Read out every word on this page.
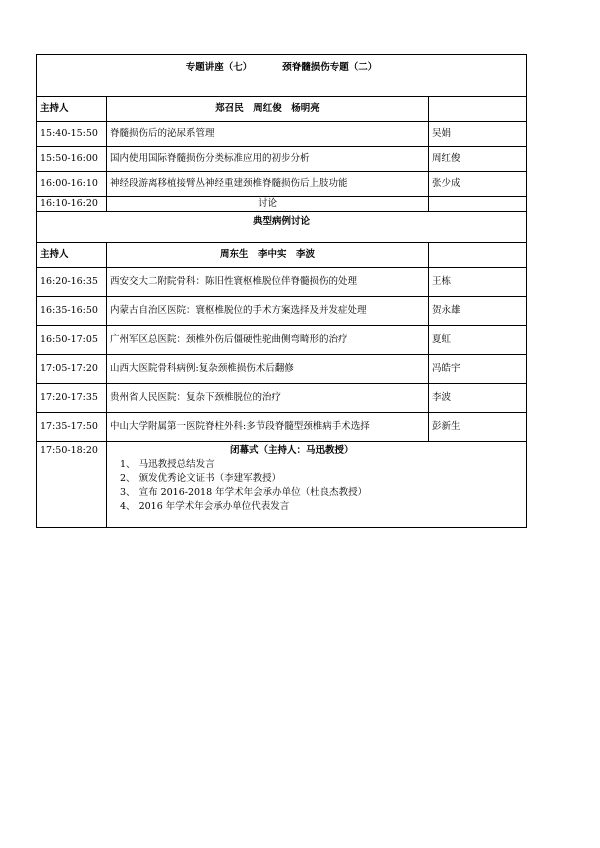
专题讲座（七） 颈脊髓损伤专题（二）		
主持人	郑召民　周红俊　杨明亮	
15:40-15:50	脊髓损伤后的泌尿系管理	吴娟
15:50-16:00	国内使用国际脊髓损伤分类标准应用的初步分析	周红俊
16:00-16:10	神经段游离移植接臂丛神经重建颈椎脊髓损伤后上肢功能	张少成
16:10-16:20	讨论	
典型病例讨论		
主持人	周东生　李中实　李波	
16:20-16:35	西安交大二附院骨科：陈旧性寰枢椎脱位伴脊髓损伤的处理	王栋
16:35-16:50	内蒙古自治区医院：寰枢椎脱位的手术方案选择及并发症处理	贺永雄
16:50-17:05	广州军区总医院：颈椎外伤后僵硬性驼曲侧弯畸形的治疗	夏虹
17:05-17:20	山西大医院骨科病例:复杂颈椎损伤术后翻修	冯皓宇
17:20-17:35	贵州省人民医院：复杂下颈椎脱位的治疗	李波
17:35-17:50	中山大学附属第一医院脊柱外科:多节段脊髓型颈椎病手术选择	彭新生
17:50-18:20	闭幕式（主持人：马迅教授）
1、 马迅教授总结发言
2、 颁发优秀论文证书（李建军教授）
3、 宣布 2016-2018 年学术年会承办单位（杜良杰教授）
4、 2016 年学术年会承办单位代表发言	
